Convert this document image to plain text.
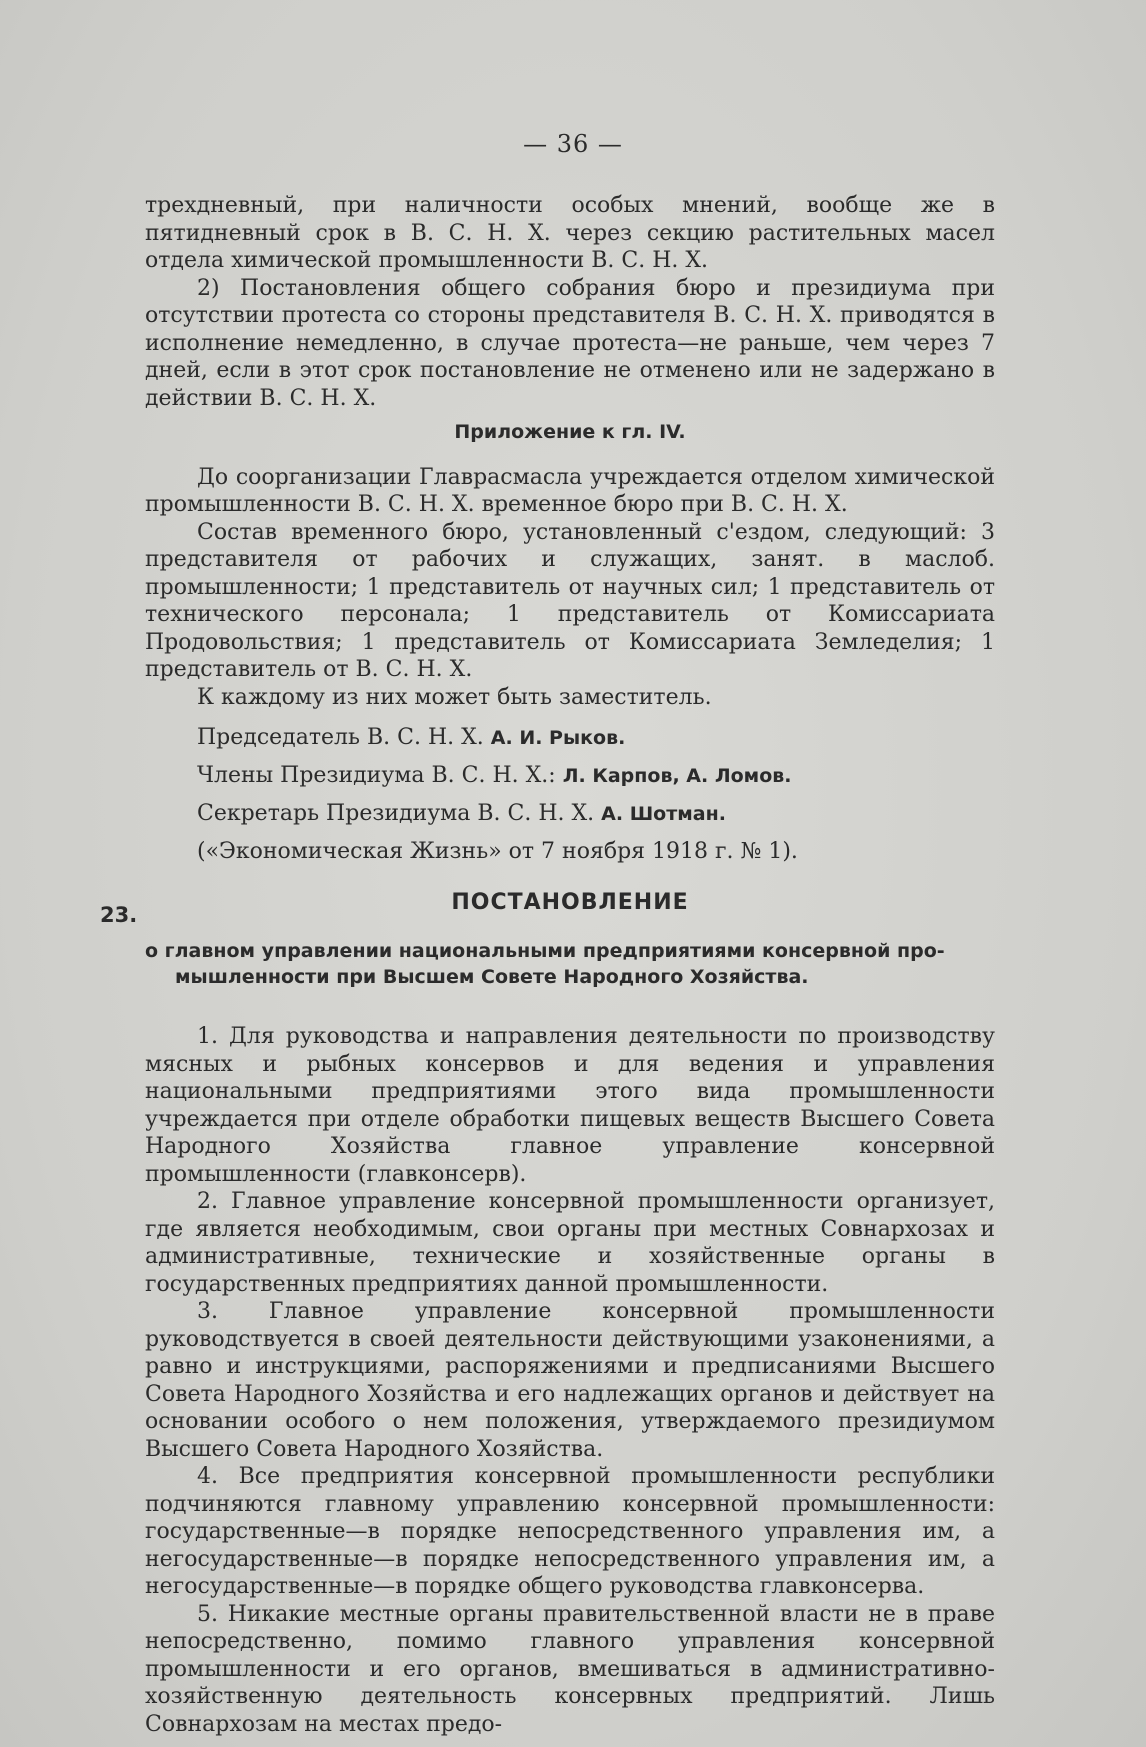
— 36 —

трехдневный, при наличности особых мнений, вообще же в пятидневный срок в В. С. Н. Х. через секцию растительных масел отдела химической промышленности В. С. Н. Х.

2) Постановления общего собрания бюро и президиума при отсутствии протеста со стороны представителя В. С. Н. Х. приводятся в исполнение немедленно, в случае протеста—не раньше, чем через 7 дней, если в этот срок постановление не отменено или не задержано в действии В. С. Н. Х.

Приложение к гл. IV.

До соорганизации Главрасмасла учреждается отделом химической промышленности В. С. Н. Х. временное бюро при В. С. Н. Х.

Состав временного бюро, установленный с'ездом, следующий: 3 представителя от рабочих и служащих, занят. в маслоб. промышленности; 1 представитель от научных сил; 1 представитель от технического персонала; 1 представитель от Комиссариата Продовольствия; 1 представитель от Комиссариата Земледелия; 1 представитель от В. С. Н. Х.

К каждому из них может быть заместитель.

Председатель В. С. Н. Х. А. И. Рыков.

Члены Президиума В. С. Н. Х.: Л. Карпов, А. Ломов.

Секретарь Президиума В. С. Н. Х. А. Шотман.

(«Экономическая Жизнь» от 7 ноября 1918 г. № 1).

23.	ПОСТАНОВЛЕНИЕ
о главном управлении национальными предприятиями консервной про-
мышленности при Высшем Совете Народного Хозяйства.

1. Для руководства и направления деятельности по производству мясных и рыбных консервов и для ведения и управления национальными предприятиями этого вида промышленности учреждается при отделе обработки пищевых веществ Высшего Совета Народного Хозяйства главное управление консервной промышленности (главконсерв).

2. Главное управление консервной промышленности организует, где является необходимым, свои органы при местных Совнархозах и административные, технические и хозяйственные органы в государственных предприятиях данной промышленности.

3. Главное управление консервной промышленности руководствуется в своей деятельности действующими узаконениями, а равно и инструкциями, распоряжениями и предписаниями Высшего Совета Народного Хозяйства и его надлежащих органов и действует на основании особого о нем положения, утверждаемого президиумом Высшего Совета Народного Хозяйства.

4. Все предприятия консервной промышленности республики подчиняются главному управлению консервной промышленности: государственные—в порядке непосредственного управления им, а негосударственные—в порядке непосредственного управления им, а негосударственные—в порядке общего руководства главконсерва.

5. Никакие местные органы правительственной власти не в праве непосредственно, помимо главного управления консервной промышленности и его органов, вмешиваться в административно-хозяйственную деятельность консервных предприятий. Лишь Совнархозам на местах предо-
